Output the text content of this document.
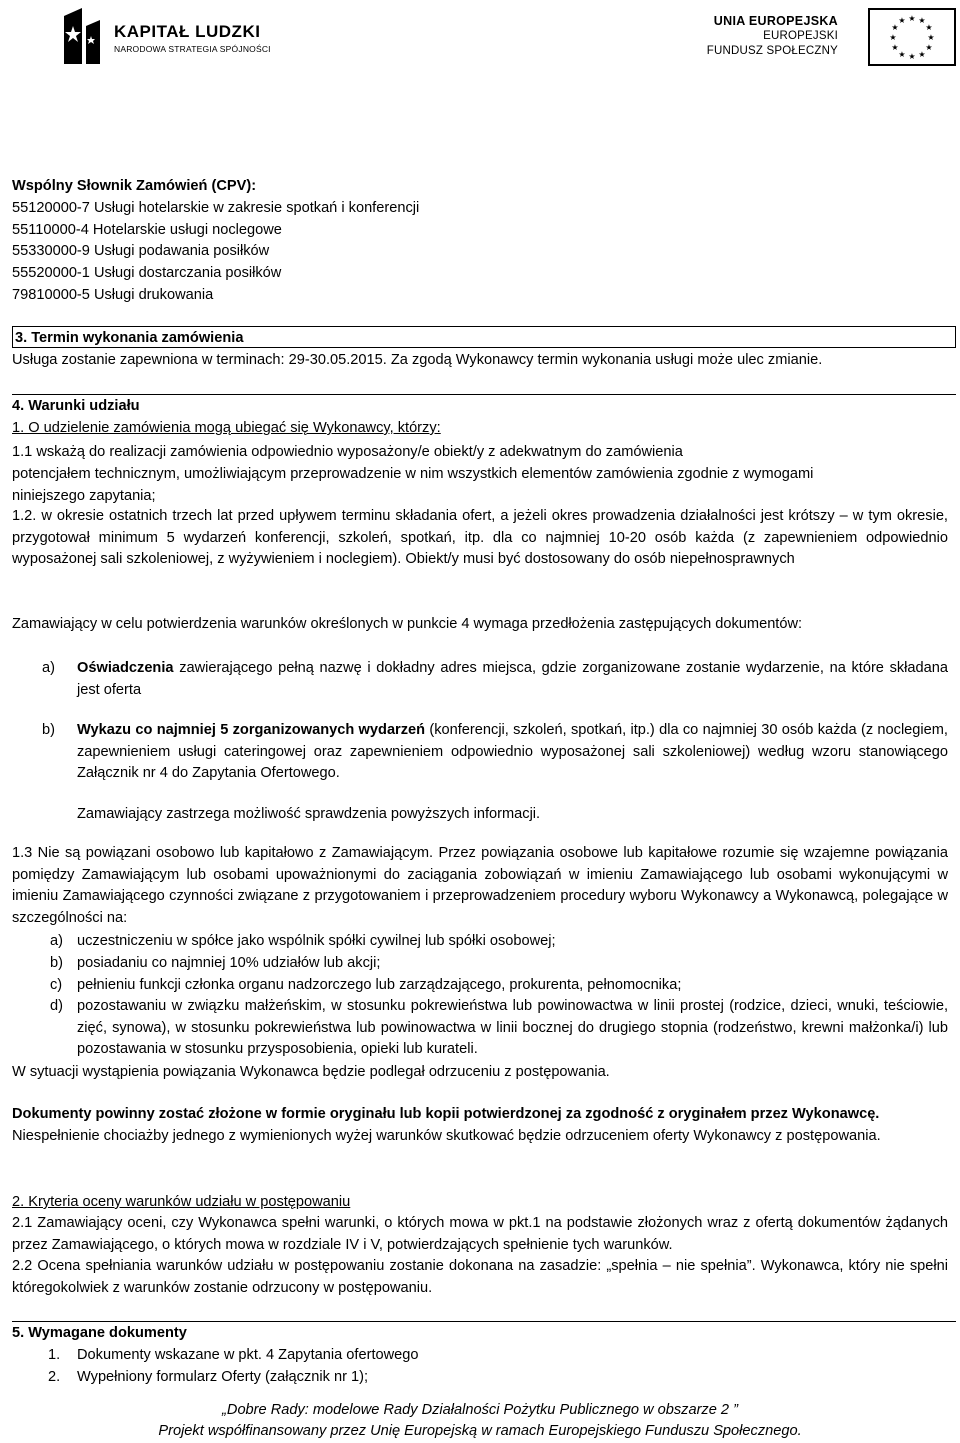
KAPITAŁ LUDZKI
NARODOWA STRATEGIA SPÓJNOŚCI
UNIA EUROPEJSKA
EUROPEJSKI
FUNDUSZ SPOŁECZNY
★ ★
★
★
★
★
★
★
★
★
★
★
Wspólny Słownik Zamówień (CPV):
55120000-7 Usługi hotelarskie w zakresie spotkań i konferencji
55110000-4 Hotelarskie usługi noclegowe
55330000-9 Usługi podawania posiłków
55520000-1 Usługi dostarczania posiłków
79810000-5 Usługi drukowania
3. Termin wykonania zamówienia
Usługa zostanie zapewniona w terminach: 29-30.05.2015. Za zgodą Wykonawcy termin wykonania usługi może ulec zmianie.
4. Warunki udziału
1. O udzielenie zamówienia mogą ubiegać się Wykonawcy, którzy:
1.1 wskażą do realizacji zamówienia odpowiednio wyposażony/e obiekt/y z adekwatnym do zamówienia
potencjałem technicznym, umożliwiającym przeprowadzenie w nim wszystkich elementów zamówienia zgodnie z wymogami
niniejszego zapytania;
1.2. w okresie ostatnich trzech lat przed upływem terminu składania ofert, a jeżeli okres prowadzenia działalności jest krótszy – w tym okresie, przygotował minimum 5 wydarzeń konferencji, szkoleń, spotkań, itp. dla co najmniej 10-20 osób każda (z zapewnieniem odpowiednio wyposażonej sali szkoleniowej, z wyżywieniem i noclegiem). Obiekt/y musi być dostosowany do osób niepełnosprawnych
Zamawiający w celu potwierdzenia warunków określonych w punkcie 4 wymaga przedłożenia zastępujących dokumentów:
a) Oświadczenia zawierającego pełną nazwę i dokładny adres miejsca, gdzie zorganizowane zostanie wydarzenie, na które składana jest oferta
b) Wykazu co najmniej 5 zorganizowanych wydarzeń (konferencji, szkoleń, spotkań, itp.) dla co najmniej 30 osób każda (z noclegiem, zapewnieniem usługi cateringowej oraz zapewnieniem odpowiednio wyposażonej sali szkoleniowej) według wzoru stanowiącego Załącznik nr 4 do Zapytania Ofertowego.
Zamawiający zastrzega możliwość sprawdzenia powyższych informacji.
1.3 Nie są powiązani osobowo lub kapitałowo z Zamawiającym. Przez powiązania osobowe lub kapitałowe rozumie się wzajemne powiązania pomiędzy Zamawiającym lub osobami upoważnionymi do zaciągania zobowiązań w imieniu Zamawiającego lub osobami wykonującymi w imieniu Zamawiającego czynności związane z przygotowaniem i przeprowadzeniem procedury wyboru Wykonawcy a Wykonawcą, polegające w szczególności na:
a) uczestniczeniu w spółce jako wspólnik spółki cywilnej lub spółki osobowej;
b) posiadaniu co najmniej 10% udziałów lub akcji;
c) pełnieniu funkcji członka organu nadzorczego lub zarządzającego, prokurenta, pełnomocnika;
d) pozostawaniu w związku małżeńskim, w stosunku pokrewieństwa lub powinowactwa w linii prostej (rodzice, dzieci, wnuki, teściowie, zięć, synowa), w stosunku pokrewieństwa lub powinowactwa w linii bocznej do drugiego stopnia (rodzeństwo, krewni małżonka/i) lub pozostawania w stosunku przysposobienia, opieki lub kurateli.
W sytuacji wystąpienia powiązania Wykonawca będzie podlegał odrzuceniu z postępowania.
Dokumenty powinny zostać złożone w formie oryginału lub kopii potwierdzonej za zgodność z oryginałem przez Wykonawcę.
Niespełnienie chociażby jednego z wymienionych wyżej warunków skutkować będzie odrzuceniem oferty Wykonawcy z postępowania.
2. Kryteria oceny warunków udziału w postępowaniu
2.1 Zamawiający oceni, czy Wykonawca spełni warunki, o których mowa w pkt.1 na podstawie złożonych wraz z ofertą dokumentów żądanych przez Zamawiającego, o których mowa w rozdziale IV i V, potwierdzających spełnienie tych warunków.
2.2 Ocena spełniania warunków udziału w postępowaniu zostanie dokonana na zasadzie: „spełnia – nie spełnia”. Wykonawca, który nie spełni któregokolwiek z warunków zostanie odrzucony w postępowaniu.
5. Wymagane dokumenty
1. Dokumenty wskazane w pkt. 4 Zapytania ofertowego
2. Wypełniony formularz Oferty (załącznik nr 1);
„Dobre Rady: modelowe Rady Działalności Pożytku Publicznego w obszarze 2 ”
Projekt współfinansowany przez Unię Europejską w ramach Europejskiego Funduszu Społecznego.
